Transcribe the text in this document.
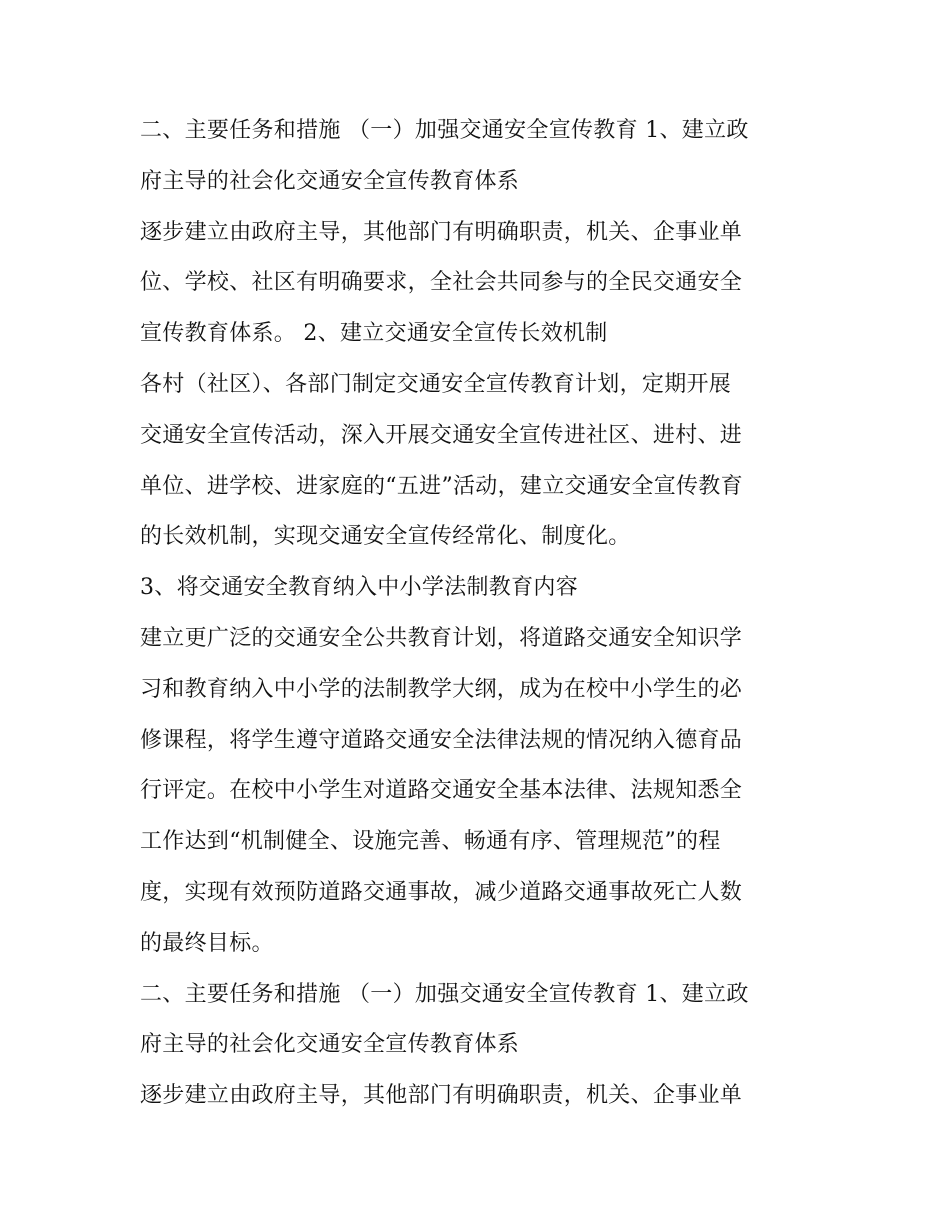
二、主要任务和措施 （一）加强交通安全宣传教育 1、建立政
府主导的社会化交通安全宣传教育体系
逐步建立由政府主导，其他部门有明确职责，机关、企事业单
位、学校、社区有明确要求，全社会共同参与的全民交通安全
宣传教育体系。 2、建立交通安全宣传长效机制
各村（社区）、各部门制定交通安全宣传教育计划，定期开展
交通安全宣传活动，深入开展交通安全宣传进社区、进村、进
单位、进学校、进家庭的“五进”活动，建立交通安全宣传教育
的长效机制，实现交通安全宣传经常化、制度化。
3、将交通安全教育纳入中小学法制教育内容
建立更广泛的交通安全公共教育计划，将道路交通安全知识学
习和教育纳入中小学的法制教学大纲，成为在校中小学生的必
修课程，将学生遵守道路交通安全法律法规的情况纳入德育品
行评定。在校中小学生对道路交通安全基本法律、法规知悉全
工作达到“机制健全、设施完善、畅通有序、管理规范”的程
度，实现有效预防道路交通事故，减少道路交通事故死亡人数
的最终目标。
二、主要任务和措施 （一）加强交通安全宣传教育 1、建立政
府主导的社会化交通安全宣传教育体系
逐步建立由政府主导，其他部门有明确职责，机关、企事业单
